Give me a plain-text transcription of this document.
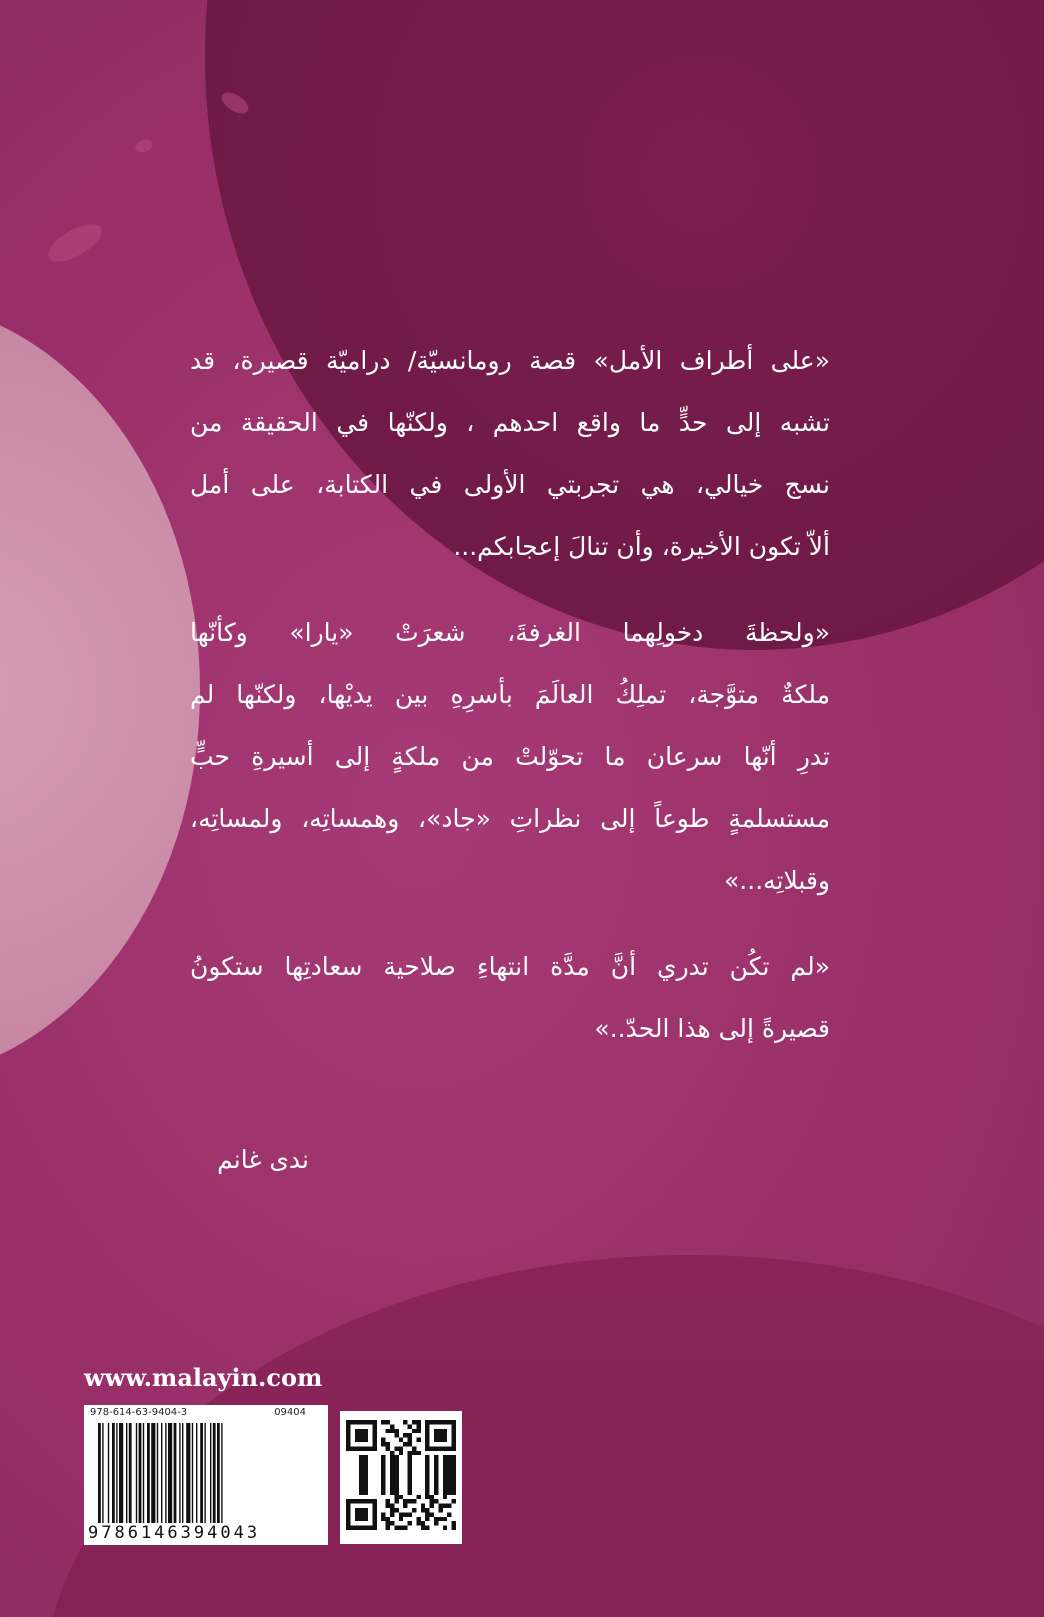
«على أطراف الأمل» قصة رومانسيّة/ دراميّة قصيرة، قد
تشبه إلى حدٍّ ما واقع احدهم ، ولكنّها في الحقيقة من
نسج خيالي، هي تجربتي الأولى في الكتابة، على أمل
ألاّ تكون الأخيرة، وأن تنالَ إعجابكم...

«ولحظةَ دخولِهما الغرفةَ، شعرَتْ «يارا» وكأنّها
ملكةٌ متوَّجة، تملِكُ العالَمَ بأسرِهِ بين يديْها، ولكنّها لم
تدرِ أنّها سرعان ما تحوّلتْ من ملكةٍ إلى أسيرةِ حبٍّ
مستسلمةٍ طوعاً إلى نظراتِ «جاد»، وهمساتِه، ولمساتِه،
وقبلاتِه...»

«لم تكُن تدري أنَّ مدَّة انتهاءِ صلاحية سعادتِها ستكونُ
قصيرةً إلى هذا الحدّ..»

ندى غانم
www.malayin.com
978-614-63-9404-3	09404
9786146394043
